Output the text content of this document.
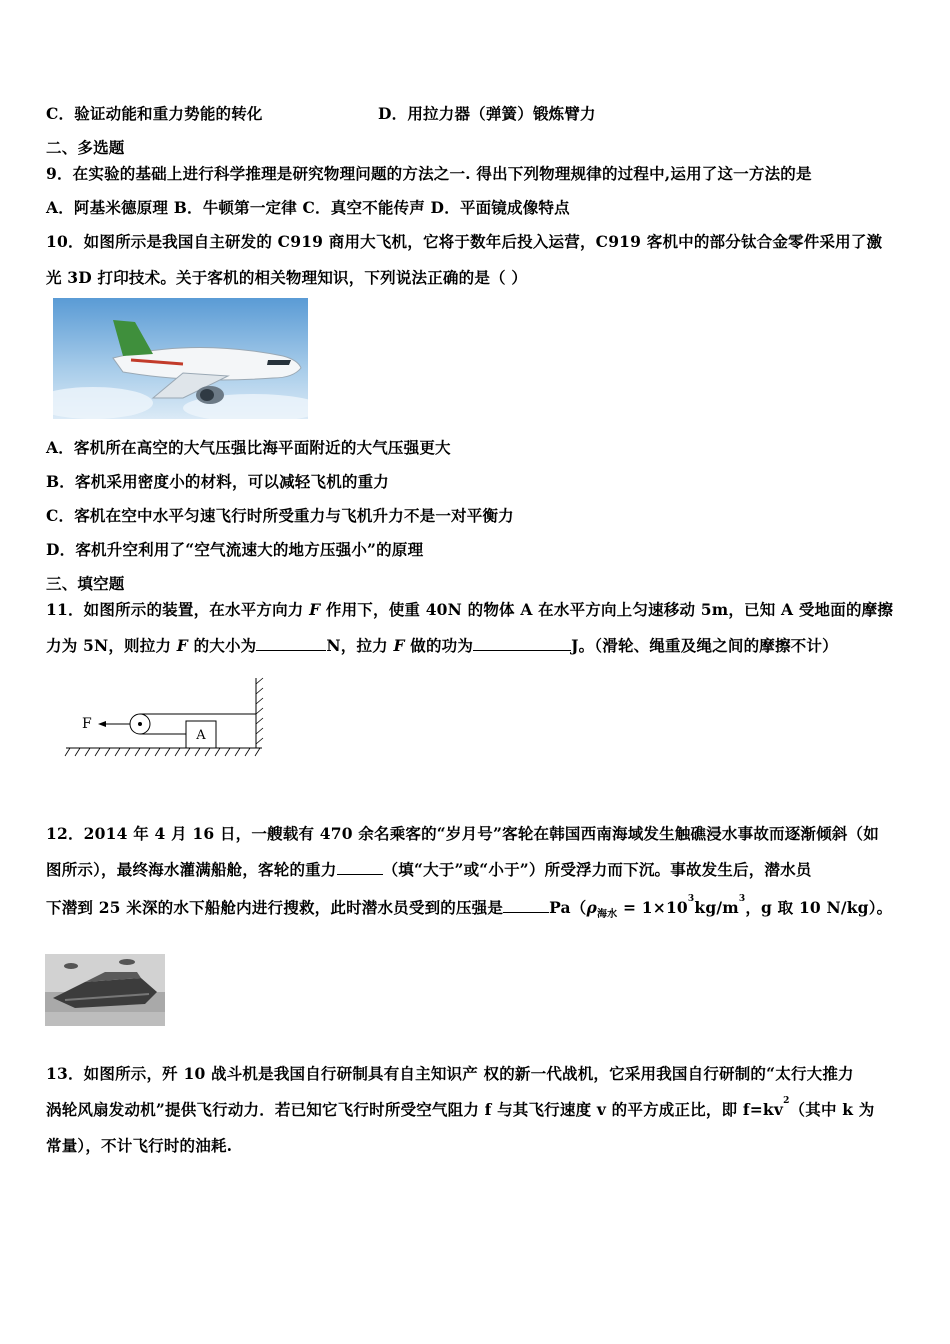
C．验证动能和重力势能的转化	D．用拉力器（弹簧）锻炼臂力
二、多选题
9．在实验的基础上进行科学推理是研究物理问题的方法之一. 得出下列物理规律的过程中,运用了这一方法的是
A．阿基米德原理 B．牛顿第一定律 C．真空不能传声 D．平面镜成像特点
10．如图所示是我国自主研发的 C919 商用大飞机，它将于数年后投入运营，C919 客机中的部分钛合金零件采用了激
光 3D 打印技术。关于客机的相关物理知识，下列说法正确的是（ ）
A．客机所在高空的大气压强比海平面附近的大气压强更大
B．客机采用密度小的材料，可以减轻飞机的重力
C．客机在空中水平匀速飞行时所受重力与飞机升力不是一对平衡力
D．客机升空利用了“空气流速大的地方压强小”的原理
三、填空题
11．如图所示的装置，在水平方向力 F 作用下，使重 40N 的物体 A 在水平方向上匀速移动 5m，已知 A 受地面的摩擦
力为 5N，则拉力 F 的大小为	N，拉力 F 做的功为	J。（滑轮、绳重及绳之间的摩擦不计）
A
F
12．2014 年 4 月 16 日，一艘载有 470 余名乘客的“岁月号”客轮在韩国西南海域发生触礁浸水事故而逐渐倾斜（如
图所示），最终海水灌满船舱，客轮的重力	（填“大于”或“小于”）所受浮力而下沉。事故发生后，潜水员
下潜到 25 米深的水下船舱内进行搜救，此时潜水员受到的压强是	$Pa(\rho_{海水} = 1\times 10^3kg/m^3$，g 取 10 N/kg）。
13．如图所示，歼 10 战斗机是我国自行研制具有自主知识产 权的新一代战机，它采用我国自行研制的“太行大推力
涡轮风扇发动机”提供飞行动力．若已知它飞行时所受空气阻力 f 与其飞行速度 v 的平方成正比，即 $f=kv^2$（其中 k 为
常量），不计飞行时的油耗.
